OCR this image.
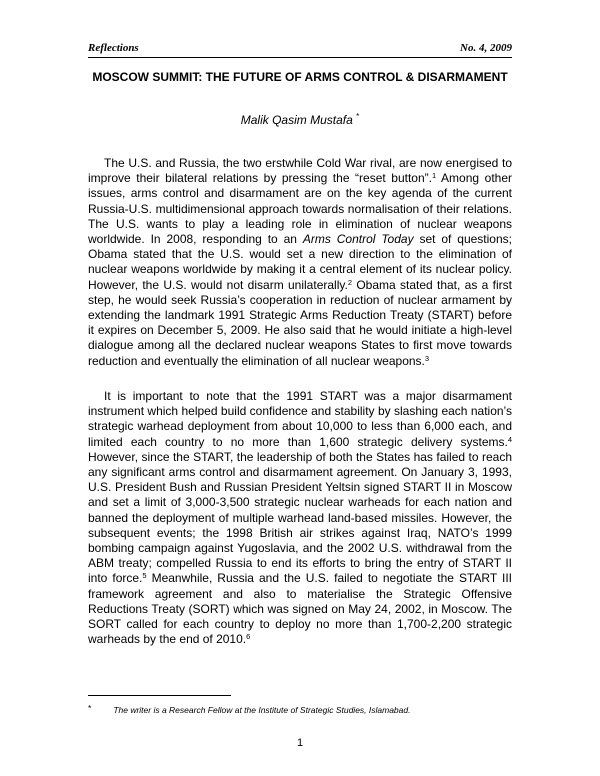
Reflections	No. 4, 2009
MOSCOW SUMMIT: THE FUTURE OF ARMS CONTROL & DISARMAMENT
Malik Qasim Mustafa *

The U.S. and Russia, the two erstwhile Cold War rival, are now energised to improve their bilateral relations by pressing the “reset button”.$^1$ Among other issues, arms control and disarmament are on the key agenda of the current Russia-U.S. multidimensional approach towards normalisation of their relations. The U.S. wants to play a leading role in elimination of nuclear weapons worldwide. In 2008, responding to an Arms Control Today set of questions; Obama stated that the U.S. would set a new direction to the elimination of nuclear weapons worldwide by making it a central element of its nuclear policy. However, the U.S. would not disarm unilaterally.$^2$ Obama stated that, as a first step, he would seek Russia’s cooperation in reduction of nuclear armament by extending the landmark 1991 Strategic Arms Reduction Treaty (START) before it expires on December 5, 2009. He also said that he would initiate a high-level dialogue among all the declared nuclear weapons States to first move towards reduction and eventually the elimination of all nuclear weapons.$^3$

It is important to note that the 1991 START was a major disarmament instrument which helped build confidence and stability by slashing each nation’s strategic warhead deployment from about 10,000 to less than 6,000 each, and limited each country to no more than 1,600 strategic delivery systems.$^4$ However, since the START, the leadership of both the States has failed to reach any significant arms control and disarmament agreement. On January 3, 1993, U.S. President Bush and Russian President Yeltsin signed START II in Moscow and set a limit of 3,000-3,500 strategic nuclear warheads for each nation and banned the deployment of multiple warhead land-based missiles. However, the subsequent events; the 1998 British air strikes against Iraq, NATO’s 1999 bombing campaign against Yugoslavia, and the 2002 U.S. withdrawal from the ABM treaty; compelled Russia to end its efforts to bring the entry of START II into force.$^5$ Meanwhile, Russia and the U.S. failed to negotiate the START III framework agreement and also to materialise the Strategic Offensive Reductions Treaty (SORT) which was signed on May 24, 2002, in Moscow. The SORT called for each country to deploy no more than 1,700-2,200 strategic warheads by the end of 2010.$^6$

*	The writer is a Research Fellow at the Institute of Strategic Studies, Islamabad.
1
